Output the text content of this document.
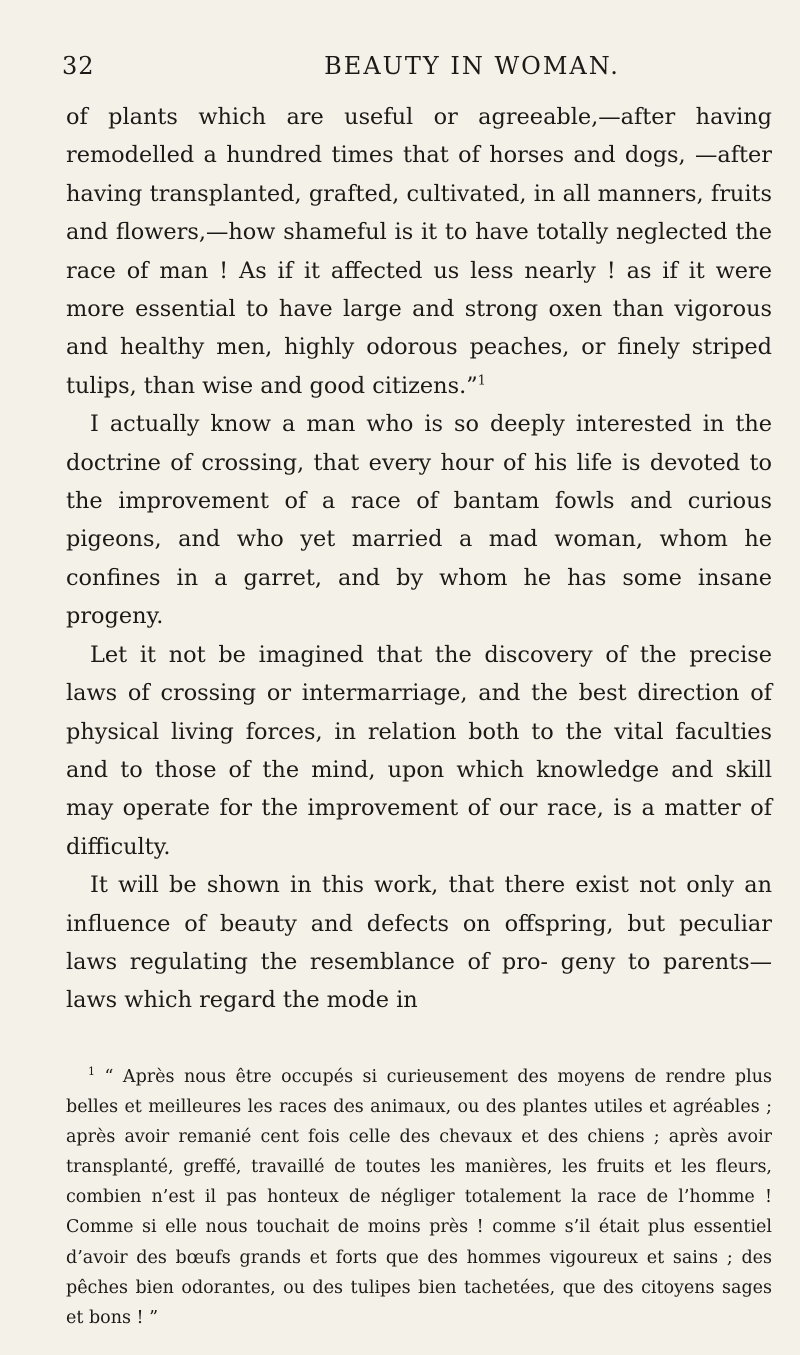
32	BEAUTY IN WOMAN.

of plants which are useful or agreeable,—after having remodelled a hundred times that of horses and dogs, —after having transplanted, grafted, cultivated, in all manners, fruits and flowers,—how shameful is it to have totally neglected the race of man ! As if it affected us less nearly ! as if it were more essential to have large and strong oxen than vigorous and healthy men, highly odorous peaches, or finely striped tulips, than wise and good citizens.”$^1$

I actually know a man who is so deeply interested in the doctrine of crossing, that every hour of his life is devoted to the improvement of a race of bantam fowls and curious pigeons, and who yet married a mad woman, whom he confines in a garret, and by whom he has some insane progeny.

Let it not be imagined that the discovery of the precise laws of crossing or intermarriage, and the best direction of physical living forces, in relation both to the vital faculties and to those of the mind, upon which knowledge and skill may operate for the improvement of our race, is a matter of difficulty.

It will be shown in this work, that there exist not only an influence of beauty and defects on offspring, but peculiar laws regulating the resemblance of pro- geny to parents—laws which regard the mode in

$^1$ “ Après nous être occupés si curieusement des moyens de rendre plus belles et meilleures les races des animaux, ou des plantes utiles et agréables ; après avoir remanié cent fois celle des chevaux et des chiens ; après avoir transplanté, greffé, travaillé de toutes les manières, les fruits et les fleurs, combien n’est il pas honteux de négliger totalement la race de l’homme ! Comme si elle nous touchait de moins près ! comme s’il était plus essentiel d’avoir des bœufs grands et forts que des hommes vigoureux et sains ; des pêches bien odorantes, ou des tulipes bien tachetées, que des citoyens sages et bons ! ”
